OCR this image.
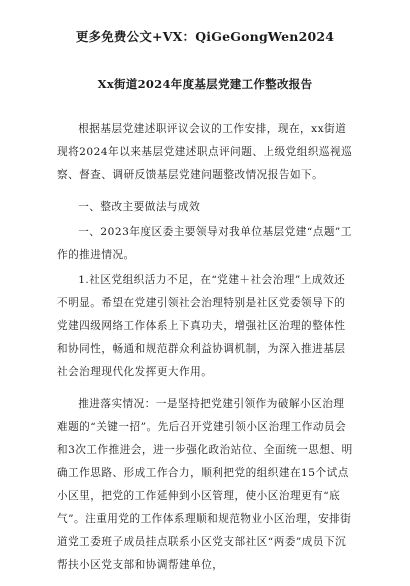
更多免费公文+VX：QiGeGongWen2024
Xx街道2024年度基层党建工作整改报告

根据基层党建述职评议会议的工作安排，现在，xx街道现将2024年以来基层党建述职点评问题、上级党组织巡视巡察、督查、调研反馈基层党建问题整改情况报告如下。

一、整改主要做法与成效

一、2023年度区委主要领导对我单位基层党建“点题”工作的推进情况。

1.社区党组织活力不足，在“党建＋社会治理”上成效还不明显。希望在党建引领社会治理特别是社区党委领导下的党建四级网络工作体系上下真功夫，增强社区治理的整体性和协同性，畅通和规范群众利益协调机制，为深入推进基层社会治理现代化发挥更大作用。

推进落实情况：一是坚持把党建引领作为破解小区治理难题的“关键一招”。先后召开党建引领小区治理工作动员会和3次工作推进会，进一步强化政治站位、全面统一思想、明确工作思路、形成工作合力，顺利把党的组织建在15个试点小区里，把党的工作延伸到小区管理，使小区治理更有“底气”。注重用党的工作体系理顺和规范物业小区治理，安排街道党工委班子成员挂点联系小区党支部社区“两委”成员下沉帮扶小区党支部和协调帮建单位，
